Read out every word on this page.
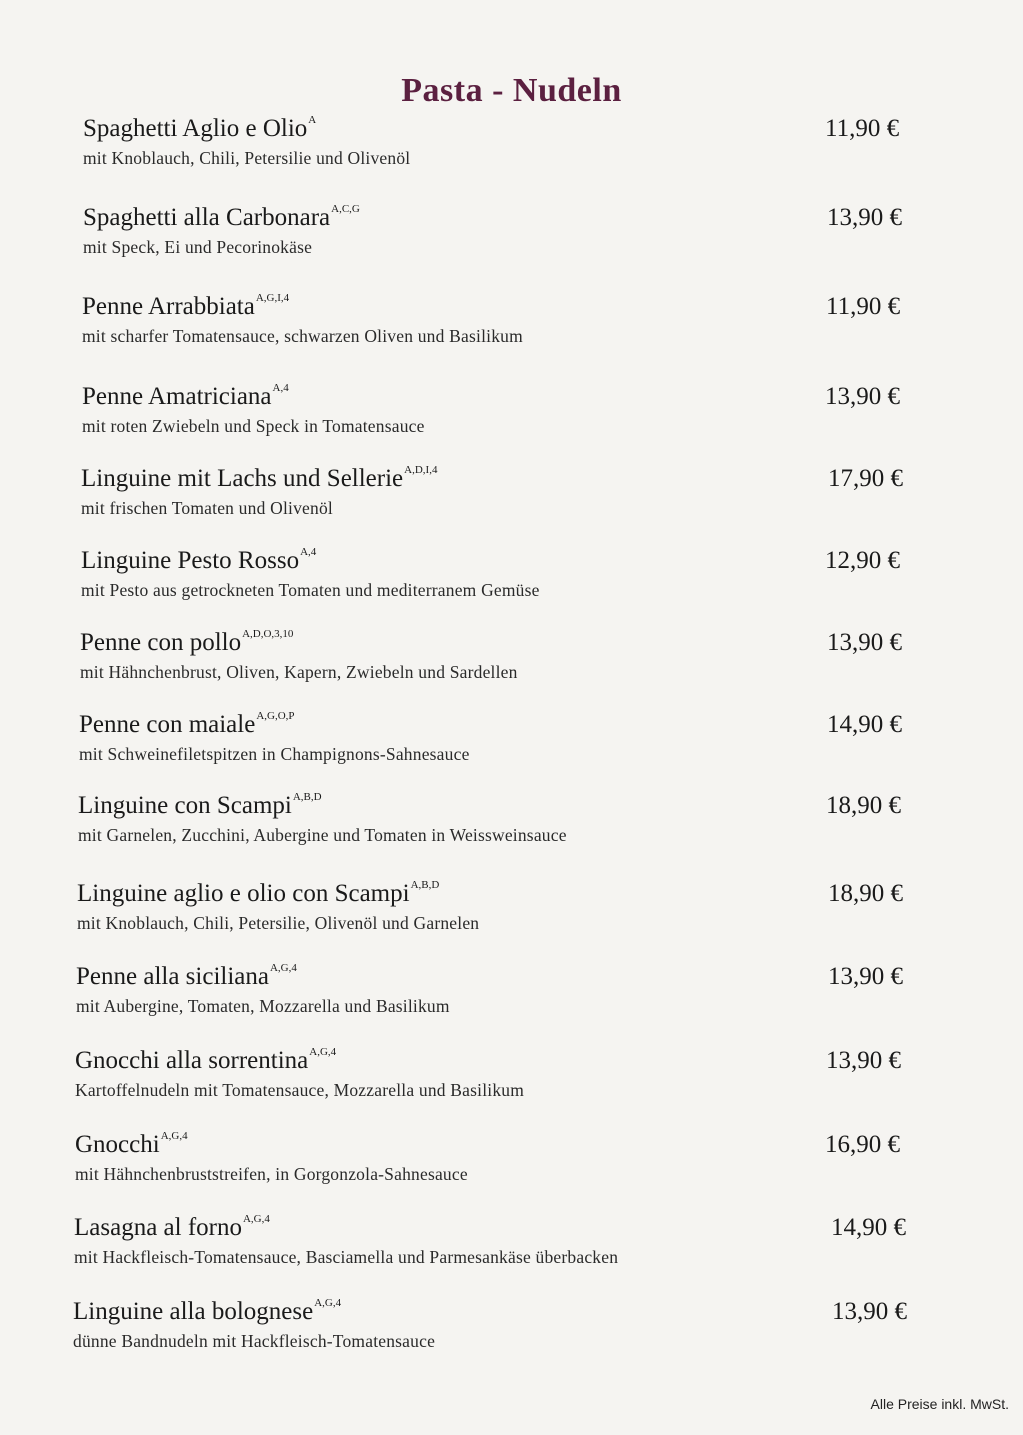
Pasta - Nudeln
Spaghetti Aglio e Olio$^A$
mit Knoblauch, Chili, Petersilie und Olivenöl
11,90 €
Spaghetti alla Carbonara$^{A,C,G}$
mit Speck, Ei und Pecorinokäse
13,90 €
Penne Arrabbiata$^{A,G,I,4}$
mit scharfer Tomatensauce, schwarzen Oliven und Basilikum
11,90 €
Penne Amatriciana$^{A,4}$
mit roten Zwiebeln und Speck in Tomatensauce
13,90 €
Linguine mit Lachs und Sellerie$^{A,D,I,4}$
mit frischen Tomaten und Olivenöl
17,90 €
Linguine Pesto Rosso$^{A,4}$
mit Pesto aus getrockneten Tomaten und mediterranem Gemüse
12,90 €
Penne con pollo$^{A,D,O,3,10}$
mit Hähnchenbrust, Oliven, Kapern, Zwiebeln und Sardellen
13,90 €
Penne con maiale$^{A,G,O,P}$
mit Schweinefiletspitzen in Champignons-Sahnesauce
14,90 €
Linguine con Scampi$^{A,B,D}$
mit Garnelen, Zucchini, Aubergine und Tomaten in Weissweinsauce
18,90 €
Linguine aglio e olio con Scampi$^{A,B,D}$
mit Knoblauch, Chili, Petersilie, Olivenöl und Garnelen
18,90 €
Penne alla siciliana$^{A,G,4}$
mit Aubergine, Tomaten, Mozzarella und Basilikum
13,90 €
Gnocchi alla sorrentina$^{A,G,4}$
Kartoffelnudeln mit Tomatensauce, Mozzarella und Basilikum
13,90 €
Gnocchi$^{A,G,4}$
mit Hähnchenbruststreifen, in Gorgonzola-Sahnesauce
16,90 €
Lasagna al forno$^{A,G,4}$
mit Hackfleisch-Tomatensauce, Basciamella und Parmesankäse überbacken
14,90 €
Linguine alla bolognese$^{A,G,4}$
dünne Bandnudeln mit Hackfleisch-Tomatensauce
13,90 €
Alle Preise inkl. MwSt.
